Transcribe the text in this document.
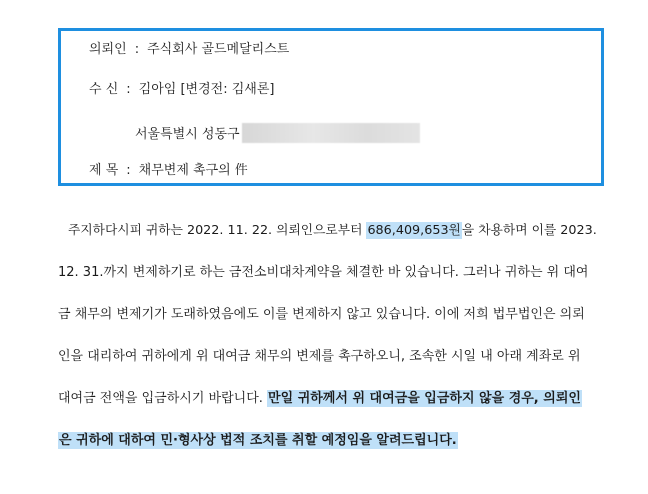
의뢰인 : 주식회사 골드메달리스트
수 신 : 김아임 [변경전: 김새론]
서울특별시 성동구
제 목 : 채무변제 촉구의 件
주지하다시피 귀하는 2022. 11. 22. 의뢰인으로부터 686,409,653원을 차용하며 이를 2023.
12. 31.까지 변제하기로 하는 금전소비대차계약을 체결한 바 있습니다. 그러나 귀하는 위 대여
금 채무의 변제기가 도래하였음에도 이를 변제하지 않고 있습니다. 이에 저희 법무법인은 의뢰
인을 대리하여 귀하에게 위 대여금 채무의 변제를 촉구하오니, 조속한 시일 내 아래 계좌로 위
대여금 전액을 입금하시기 바랍니다. 만일 귀하께서 위 대여금을 입금하지 않을 경우, 의뢰인
은 귀하에 대하여 민·형사상 법적 조치를 취할 예정임을 알려드립니다.
